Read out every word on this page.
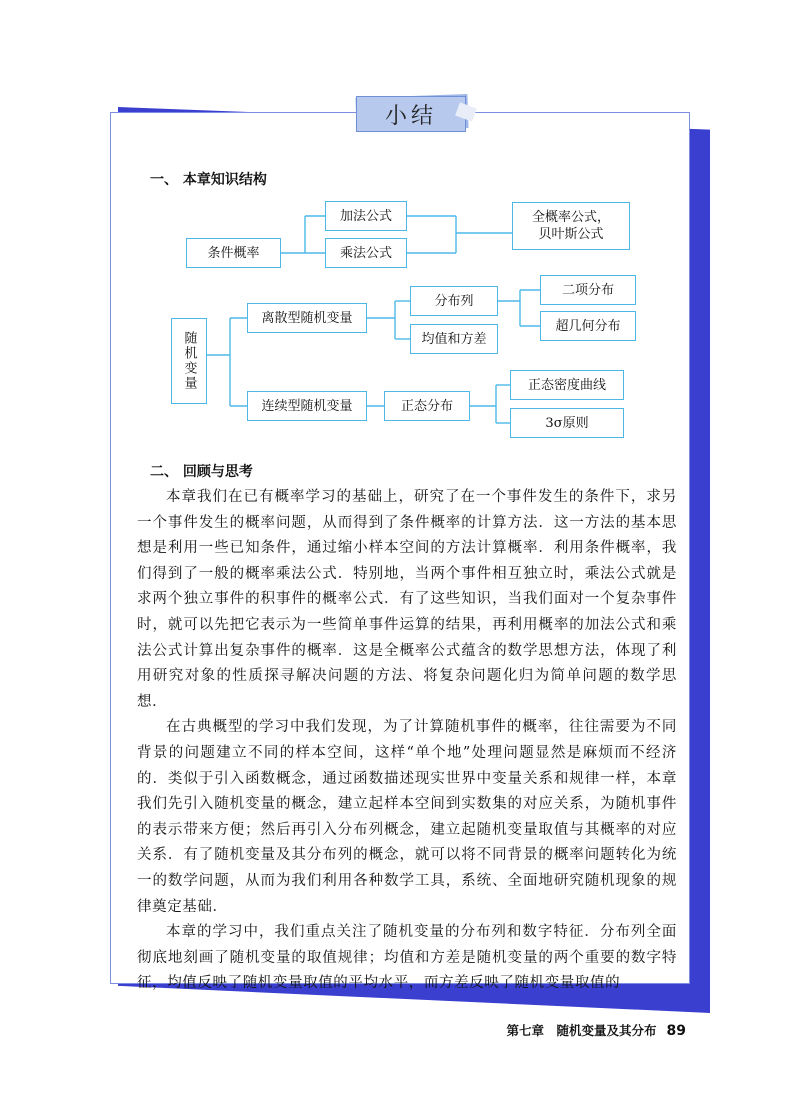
小结
一、 本章知识结构
条件概率
加法公式
乘法公式
全概率公式，
贝叶斯公式
随机变量
离散型随机变量
分布列
均值和方差
二项分布
超几何分布
连续型随机变量	正态分布
正态密度曲线
3σ原则
二、 回顾与思考

本章我们在已有概率学习的基础上，研究了在一个事件发生的条件下，求另一个事件发生的概率问题，从而得到了条件概率的计算方法．这一方法的基本思想是利用一些已知条件，通过缩小样本空间的方法计算概率．利用条件概率，我们得到了一般的概率乘法公式．特别地，当两个事件相互独立时，乘法公式就是求两个独立事件的积事件的概率公式．有了这些知识，当我们面对一个复杂事件时，就可以先把它表示为一些简单事件运算的结果，再利用概率的加法公式和乘法公式计算出复杂事件的概率．这是全概率公式蕴含的数学思想方法，体现了利用研究对象的性质探寻解决问题的方法、将复杂问题化归为简单问题的数学思想．

在古典概型的学习中我们发现，为了计算随机事件的概率，往往需要为不同背景的问题建立不同的样本空间，这样“单个地”处理问题显然是麻烦而不经济的．类似于引入函数概念，通过函数描述现实世界中变量关系和规律一样，本章我们先引入随机变量的概念，建立起样本空间到实数集的对应关系，为随机事件的表示带来方便；然后再引入分布列概念，建立起随机变量取值与其概率的对应关系．有了随机变量及其分布列的概念，就可以将不同背景的概率问题转化为统一的数学问题，从而为我们利用各种数学工具，系统、全面地研究随机现象的规律奠定基础．

本章的学习中，我们重点关注了随机变量的分布列和数字特征．分布列全面彻底地刻画了随机变量的取值规律；均值和方差是随机变量的两个重要的数字特征，均值反映了随机变量取值的平均水平，而方差反映了随机变量取值的

第七章　随机变量及其分布 89
